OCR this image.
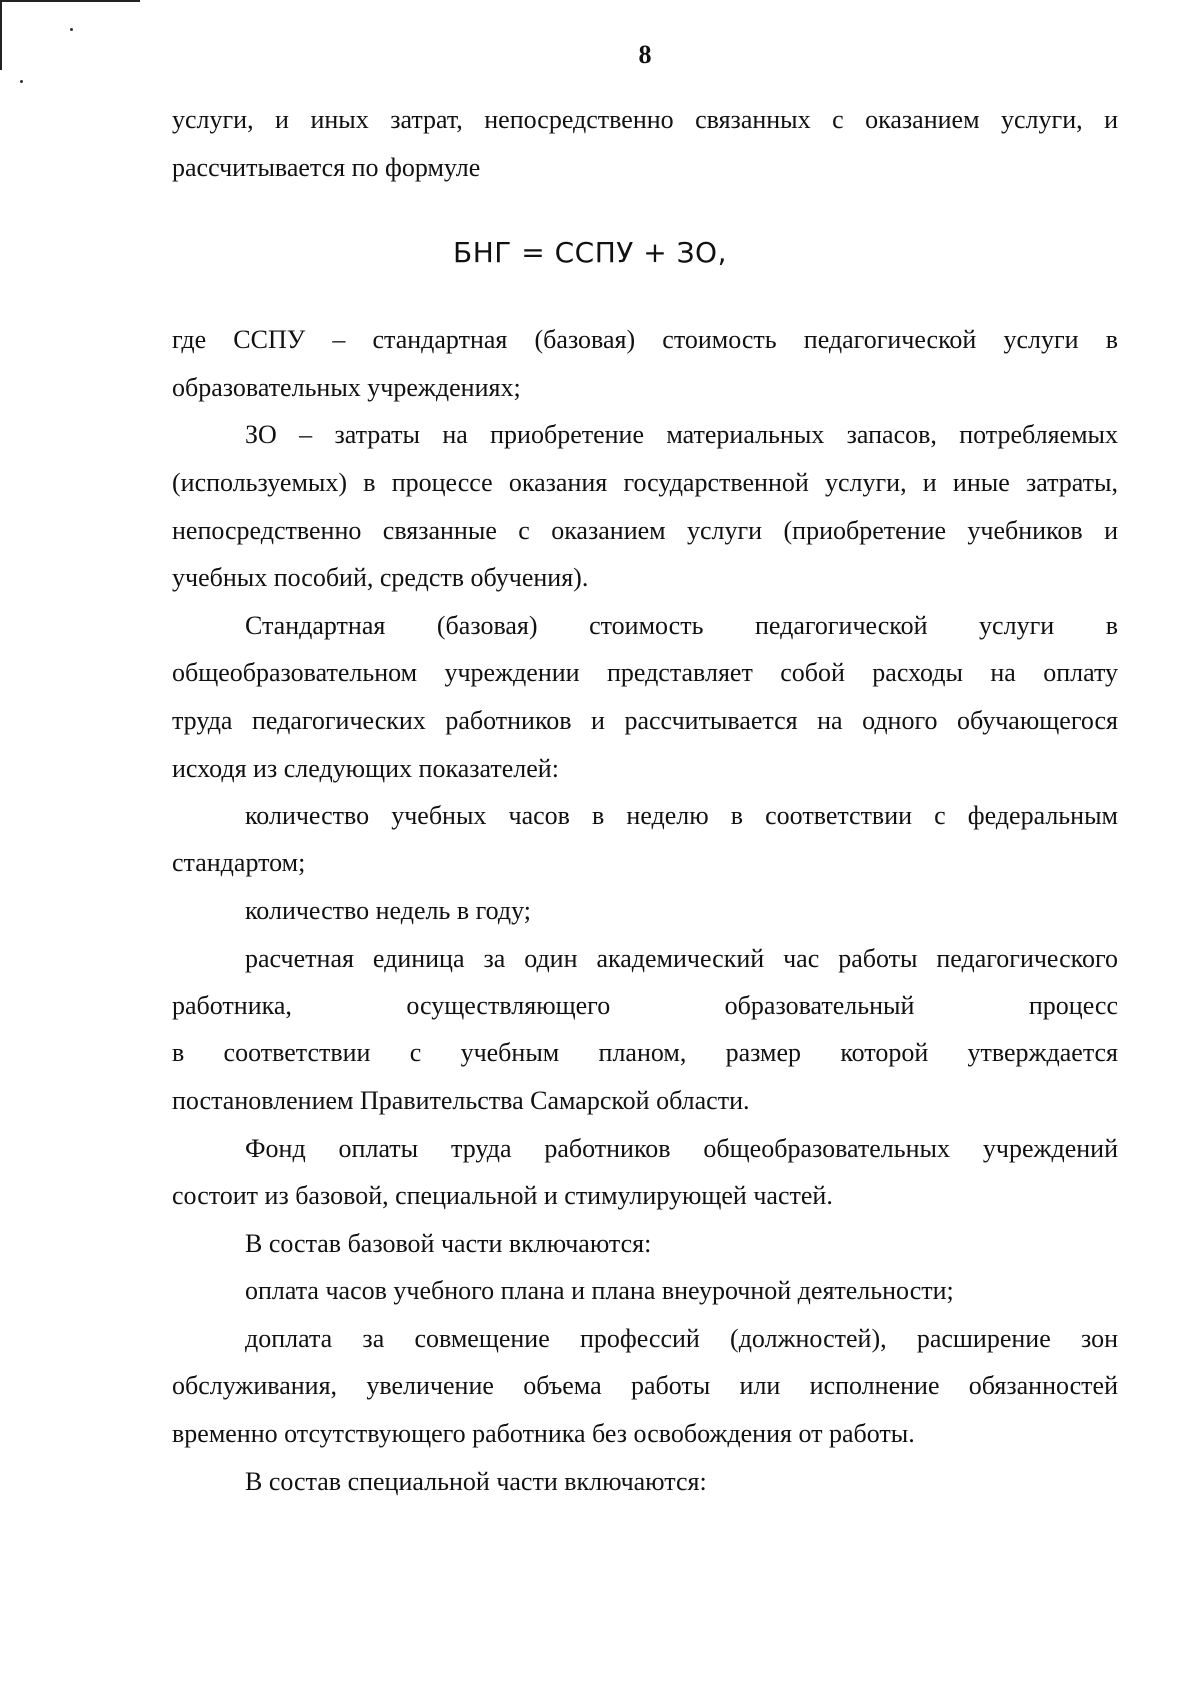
8
услуги, и иных затрат, непосредственно связанных с оказанием услуги, и
рассчитывается по формуле
БНГ = ССПУ + ЗО,
где ССПУ – стандартная (базовая) стоимость педагогической услуги в
образовательных учреждениях;
ЗО – затраты на приобретение материальных запасов, потребляемых
(используемых) в процессе оказания государственной услуги, и иные затраты,
непосредственно связанные с оказанием услуги (приобретение учебников и
учебных пособий, средств обучения).
Стандартная (базовая) стоимость педагогической услуги в
общеобразовательном учреждении представляет собой расходы на оплату
труда педагогических работников и рассчитывается на одного обучающегося
исходя из следующих показателей:
количество учебных часов в неделю в соответствии с федеральным
стандартом;
количество недель в году;
расчетная единица за один академический час работы педагогического
работника, осуществляющего образовательный процесс
в соответствии с учебным планом, размер которой утверждается
постановлением Правительства Самарской области.
Фонд оплаты труда работников общеобразовательных учреждений
состоит из базовой, специальной и стимулирующей частей.
В состав базовой части включаются:
оплата часов учебного плана и плана внеурочной деятельности;
доплата за совмещение профессий (должностей), расширение зон
обслуживания, увеличение объема работы или исполнение обязанностей
временно отсутствующего работника без освобождения от работы.
В состав специальной части включаются:
